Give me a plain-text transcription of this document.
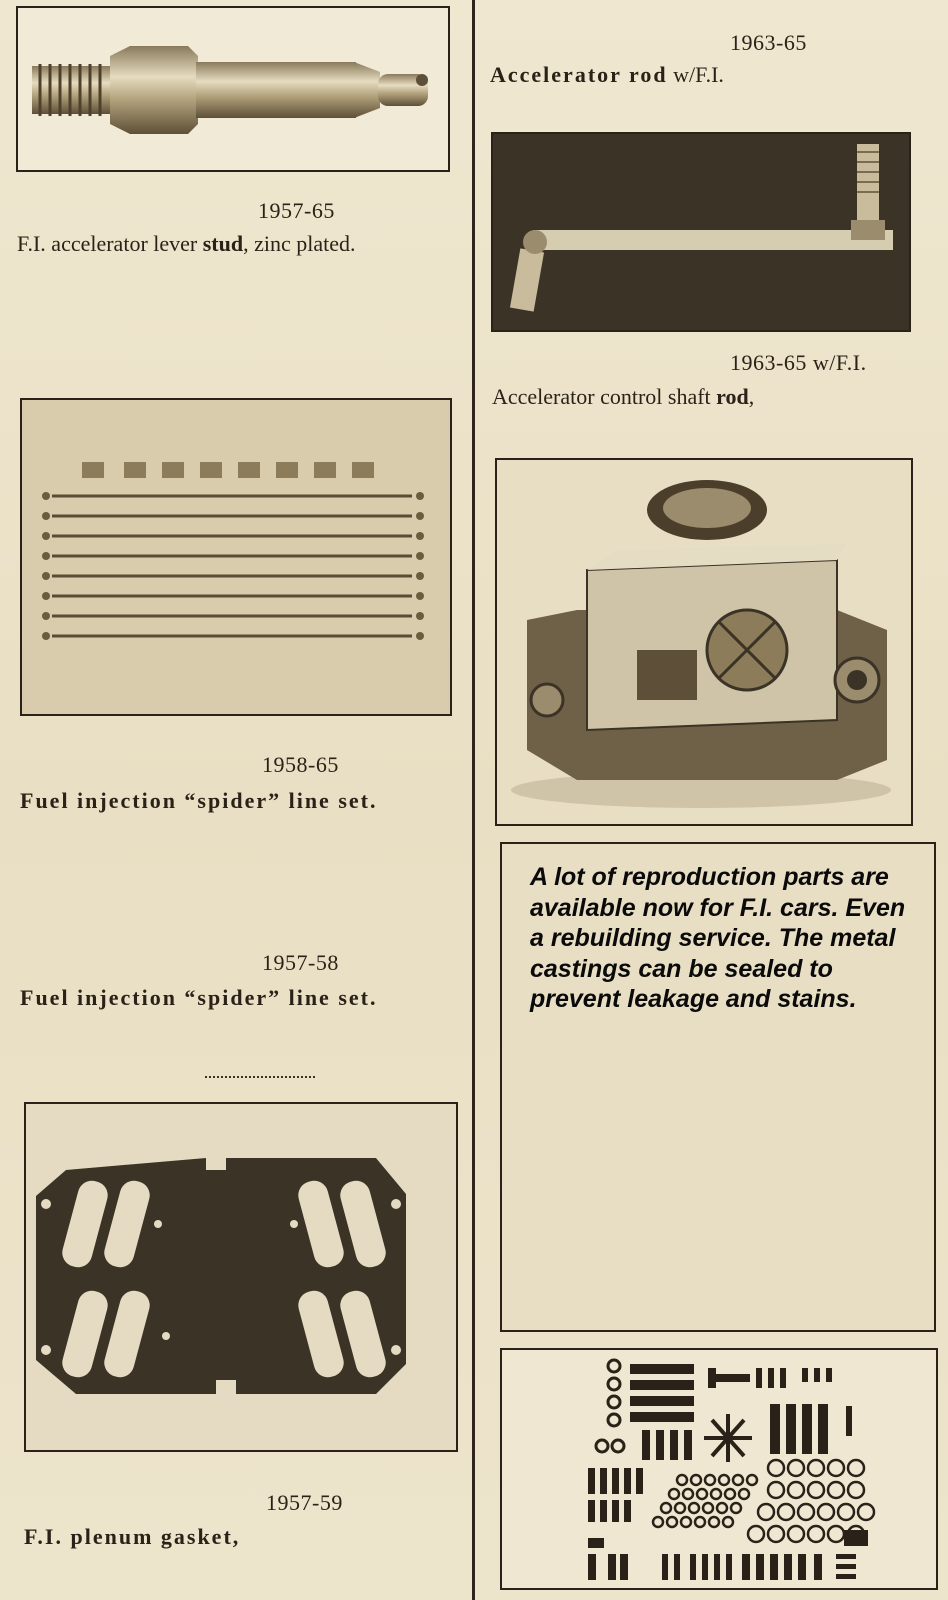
1957-65
F.I. accelerator lever stud, zinc plated.
1958-65
Fuel injection “spider” line set.
1957-58
Fuel injection “spider” line set.
1957-59
F.I. plenum gasket,
1963-65
Accelerator rod w/F.I.
1963-65 w/F.I.
Accelerator control shaft rod,

A lot of reproduction parts are available now for F.I. cars. Even a rebuilding service. The metal castings can be sealed to prevent leakage and stains.
